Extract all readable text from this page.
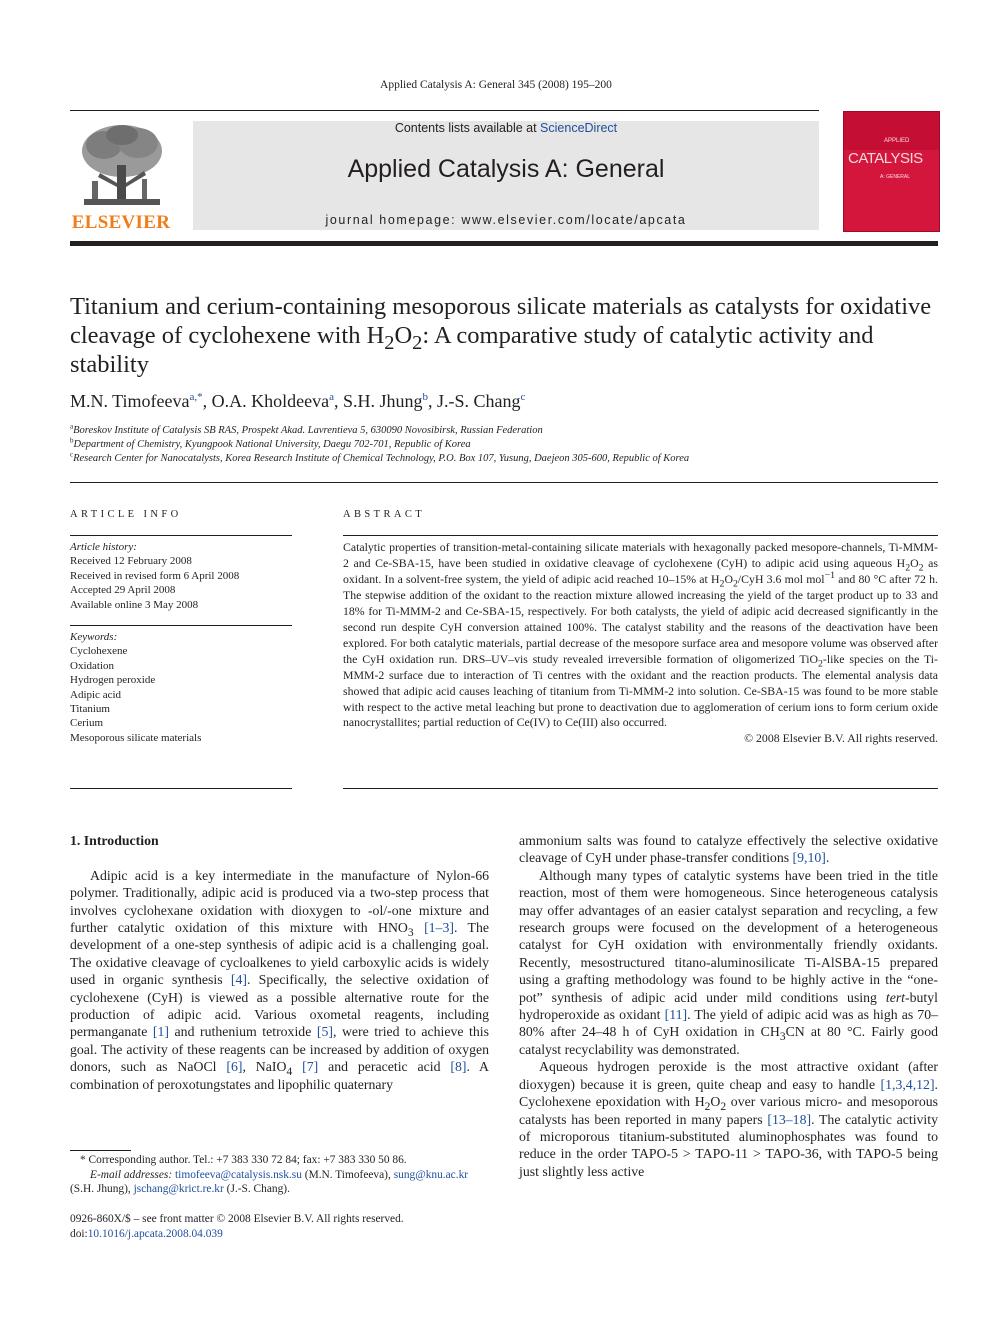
Applied Catalysis A: General 345 (2008) 195–200
ELSEVIER
Contents lists available at ScienceDirect
Applied Catalysis A: General
journal homepage: www.elsevier.com/locate/apcata
APPLIED
CATALYSIS
A: GENERAL
Titanium and cerium-containing mesoporous silicate materials as catalysts for oxidative cleavage of cyclohexene with $H_2O_2$: A comparative study of catalytic activity and stability
M.N. Timofeeva$^{a,*}$, O.A. Kholdeeva$^a$, S.H. Jhung$^b$, J.-S. Chang$^c$
$^a$Boreskov Institute of Catalysis SB RAS, Prospekt Akad. Lavrentieva 5, 630090 Novosibirsk, Russian Federation
$^b$Department of Chemistry, Kyungpook National University, Daegu 702-701, Republic of Korea
$^c$Research Center for Nanocatalysts, Korea Research Institute of Chemical Technology, P.O. Box 107, Yusung, Daejeon 305-600, Republic of Korea
ARTICLE INFO
Article history:
Received 12 February 2008
Received in revised form 6 April 2008
Accepted 29 April 2008
Available online 3 May 2008
Keywords:
Cyclohexene
Oxidation
Hydrogen peroxide
Adipic acid
Titanium
Cerium
Mesoporous silicate materials
ABSTRACT

Catalytic properties of transition-metal-containing silicate materials with hexagonally packed mesopore-channels, Ti-MMM-2 and Ce-SBA-15, have been studied in oxidative cleavage of cyclohexene (CyH) to adipic acid using aqueous $H_2O_2$ as oxidant. In a solvent-free system, the yield of adipic acid reached 10–15% at $H_2O_2$/CyH 3.6 mol mol$^{-1}$ and 80 °C after 72 h. The stepwise addition of the oxidant to the reaction mixture allowed increasing the yield of the target product up to 33 and 18% for Ti-MMM-2 and Ce-SBA-15, respectively. For both catalysts, the yield of adipic acid decreased significantly in the second run despite CyH conversion attained 100%. The catalyst stability and the reasons of the deactivation have been explored. For both catalytic materials, partial decrease of the mesopore surface area and mesopore volume was observed after the CyH oxidation run. DRS–UV–vis study revealed irreversible formation of oligomerized TiO$_2$-like species on the Ti-MMM-2 surface due to interaction of Ti centres with the oxidant and the reaction products. The elemental analysis data showed that adipic acid causes leaching of titanium from Ti-MMM-2 into solution. Ce-SBA-15 was found to be more stable with respect to the active metal leaching but prone to deactivation due to agglomeration of cerium ions to form cerium oxide nanocrystallites; partial reduction of Ce(IV) to Ce(III) also occurred.

© 2008 Elsevier B.V. All rights reserved.

1. Introduction

Adipic acid is a key intermediate in the manufacture of Nylon-66 polymer. Traditionally, adipic acid is produced via a two-step process that involves cyclohexane oxidation with dioxygen to -ol/-one mixture and further catalytic oxidation of this mixture with $HNO_3$ [1–3]. The development of a one-step synthesis of adipic acid is a challenging goal. The oxidative cleavage of cycloalkenes to yield carboxylic acids is widely used in organic synthesis [4]. Specifically, the selective oxidation of cyclohexene (CyH) is viewed as a possible alternative route for the production of adipic acid. Various oxometal reagents, including permanganate [1] and ruthenium tetroxide [5], were tried to achieve this goal. The activity of these reagents can be increased by addition of oxygen donors, such as NaOCl [6], NaIO$_4$ [7] and peracetic acid [8]. A combination of peroxotungstates and lipophilic quaternary

* Corresponding author. Tel.: +7 383 330 72 84; fax: +7 383 330 50 86.

E-mail addresses: timofeeva@catalysis.nsk.su (M.N. Timofeeva), sung@knu.ac.kr

(S.H. Jhung), jschang@krict.re.kr (J.-S. Chang).

0926-860X/$ – see front matter © 2008 Elsevier B.V. All rights reserved.

doi:10.1016/j.apcata.2008.04.039

ammonium salts was found to catalyze effectively the selective oxidative cleavage of CyH under phase-transfer conditions [9,10].

Although many types of catalytic systems have been tried in the title reaction, most of them were homogeneous. Since heterogeneous catalysis may offer advantages of an easier catalyst separation and recycling, a few research groups were focused on the development of a heterogeneous catalyst for CyH oxidation with environmentally friendly oxidants. Recently, mesostructured titano-aluminosilicate Ti-AlSBA-15 prepared using a grafting methodology was found to be highly active in the “one-pot” synthesis of adipic acid under mild conditions using tert-butyl hydroperoxide as oxidant [11]. The yield of adipic acid was as high as 70–80% after 24–48 h of CyH oxidation in $CH_3CN$ at 80 °C. Fairly good catalyst recyclability was demonstrated.

Aqueous hydrogen peroxide is the most attractive oxidant (after dioxygen) because it is green, quite cheap and easy to handle [1,3,4,12]. Cyclohexene epoxidation with $H_2O_2$ over various micro- and mesoporous catalysts has been reported in many papers [13–18]. The catalytic activity of microporous titanium-substituted aluminophosphates was found to reduce in the order TAPO-5 > TAPO-11 > TAPO-36, with TAPO-5 being just slightly less active
